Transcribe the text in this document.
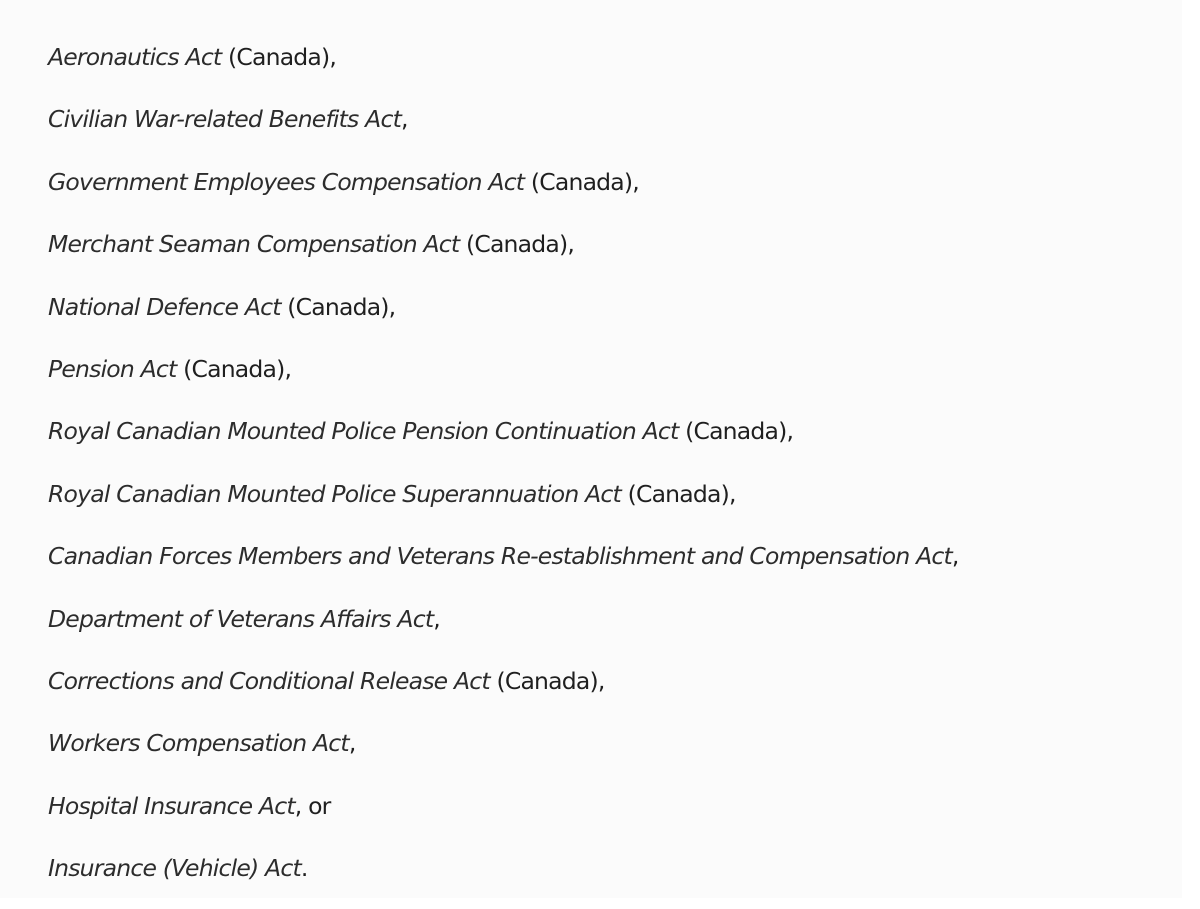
Aeronautics Act (Canada),
Civilian War-related Benefits Act,
Government Employees Compensation Act (Canada),
Merchant Seaman Compensation Act (Canada),
National Defence Act (Canada),
Pension Act (Canada),
Royal Canadian Mounted Police Pension Continuation Act (Canada),
Royal Canadian Mounted Police Superannuation Act (Canada),
Canadian Forces Members and Veterans Re-establishment and Compensation Act,
Department of Veterans Affairs Act,
Corrections and Conditional Release Act (Canada),
Workers Compensation Act,
Hospital Insurance Act, or
Insurance (Vehicle) Act.
